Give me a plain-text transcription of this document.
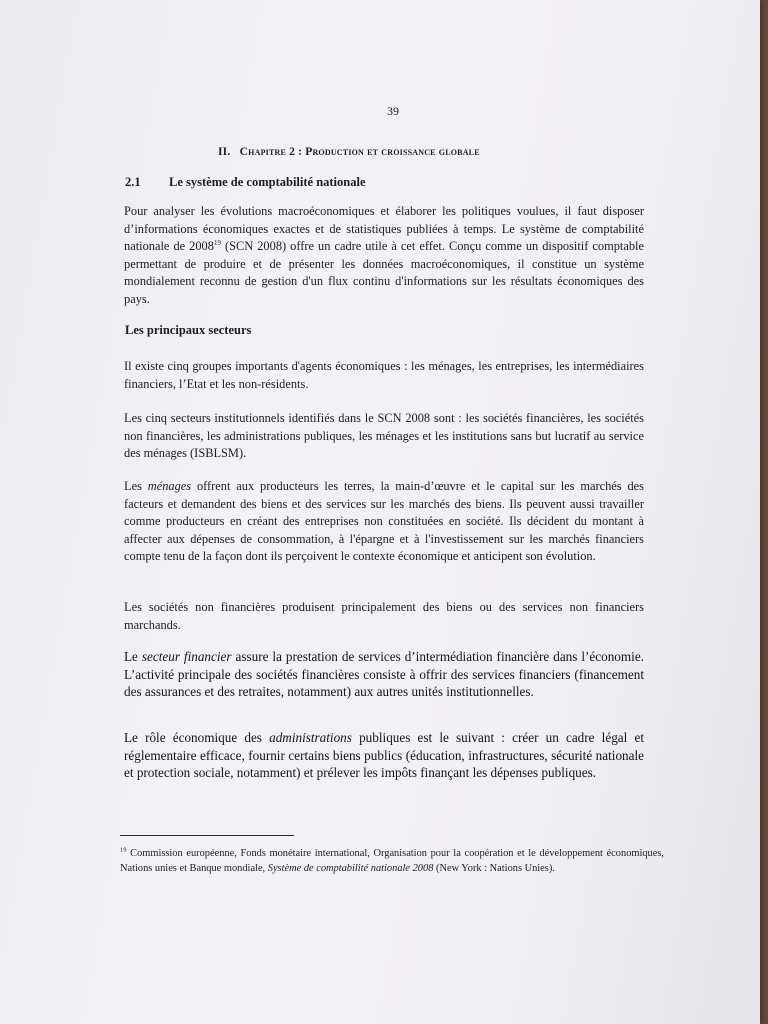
39
II. Chapitre 2 : Production et croissance globale
2.1 Le système de comptabilité nationale

Pour analyser les évolutions macroéconomiques et élaborer les politiques voulues, il faut disposer d’informations économiques exactes et de statistiques publiées à temps. Le système de comptabilité nationale de 2008$^{19}$ (SCN 2008) offre un cadre utile à cet effet. Conçu comme un dispositif comptable permettant de produire et de présenter les données macroéconomiques, il constitue un système mondialement reconnu de gestion d'un flux continu d'informations sur les résultats économiques des pays.

Les principaux secteurs

Il existe cinq groupes importants d'agents économiques : les ménages, les entreprises, les intermédiaires financiers, l’Etat et les non-résidents.

Les cinq secteurs institutionnels identifiés dans le SCN 2008 sont : les sociétés financières, les sociétés non financières, les administrations publiques, les ménages et les institutions sans but lucratif au service des ménages (ISBLSM).

Les ménages offrent aux producteurs les terres, la main-d’œuvre et le capital sur les marchés des facteurs et demandent des biens et des services sur les marchés des biens. Ils peuvent aussi travailler comme producteurs en créant des entreprises non constituées en société. Ils décident du montant à affecter aux dépenses de consommation, à l'épargne et à l'investissement sur les marchés financiers compte tenu de la façon dont ils perçoivent le contexte économique et anticipent son évolution.

Les sociétés non financières produisent principalement des biens ou des services non financiers marchands.

Le secteur financier assure la prestation de services d’intermédiation financière dans l’économie. L’activité principale des sociétés financières consiste à offrir des services financiers (financement des assurances et des retraites, notamment) aux autres unités institutionnelles.

Le rôle économique des administrations publiques est le suivant : créer un cadre légal et réglementaire efficace, fournir certains biens publics (éducation, infrastructures, sécurité nationale et protection sociale, notamment) et prélever les impôts finançant les dépenses publiques.

$^{19}$ Commission européenne, Fonds monétaire international, Organisation pour la coopération et le développement économiques, Nations unies et Banque mondiale, Système de comptabilité nationale 2008 (New York : Nations Unies).
